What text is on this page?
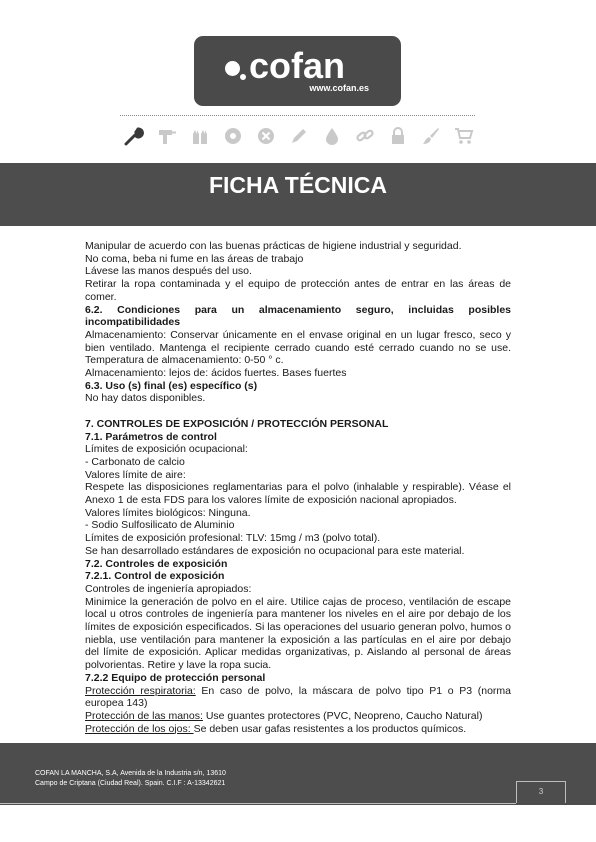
cofan
www.cofan.es
FICHA TÉCNICA

Manipular de acuerdo con las buenas prácticas de higiene industrial y seguridad.

No coma, beba ni fume en las áreas de trabajo

Lávese las manos después del uso.

Retirar la ropa contaminada y el equipo de protección antes de entrar en las áreas de comer.

6.2. Condiciones para un almacenamiento seguro, incluidas posibles incompatibilidades

Almacenamiento: Conservar únicamente en el envase original en un lugar fresco, seco y bien ventilado. Mantenga el recipiente cerrado cuando esté cerrado cuando no se use. Temperatura de almacenamiento: 0-50 ° c.

Almacenamiento: lejos de: ácidos fuertes. Bases fuertes

6.3. Uso (s) final (es) específico (s)

No hay datos disponibles.

7. CONTROLES DE EXPOSICIÓN / PROTECCIÓN PERSONAL

7.1. Parámetros de control

Límites de exposición ocupacional:

- Carbonato de calcio

Valores límite de aire:

Respete las disposiciones reglamentarias para el polvo (inhalable y respirable). Véase el Anexo 1 de esta FDS para los valores límite de exposición nacional apropiados.

Valores límites biológicos: Ninguna.

- Sodio Sulfosilicato de Aluminio

Límites de exposición profesional: TLV: 15mg / m3 (polvo total).

Se han desarrollado estándares de exposición no ocupacional para este material.

7.2. Controles de exposición

7.2.1. Control de exposición

Controles de ingeniería apropiados:

Minimice la generación de polvo en el aire. Utilice cajas de proceso, ventilación de escape local u otros controles de ingeniería para mantener los niveles en el aire por debajo de los límites de exposición especificados. Si las operaciones del usuario generan polvo, humos o niebla, use ventilación para mantener la exposición a las partículas en el aire por debajo del límite de exposición. Aplicar medidas organizativas, p. Aislando al personal de áreas polvorientas. Retire y lave la ropa sucia.

7.2.2 Equipo de protección personal

Protección respiratoria: En caso de polvo, la máscara de polvo tipo P1 o P3 (norma europea 143)

Protección de las manos: Use guantes protectores (PVC, Neopreno, Caucho Natural)

Protección de los ojos: Se deben usar gafas resistentes a los productos químicos.

COFAN LA MANCHA, S.A, Avenida de la Industria s/n, 13610
Campo de Criptana (Ciudad Real). Spain. C.I.F : A-13342621
3
